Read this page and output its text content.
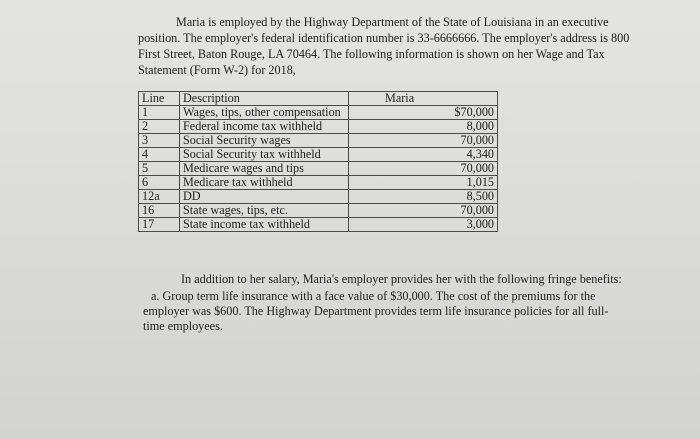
Maria is employed by the Highway Department of the State of Louisiana in an executive position. The employer's federal identification number is 33-6666666. The employer's address is 800 First Street, Baton Rouge, LA 70464. The following information is shown on her Wage and Tax Statement (Form W-2) for 2018,
Line	Description	Maria
1	Wages, tips, other compensation	$70,000
2	Federal income tax withheld	8,000
3	Social Security wages	70,000
4	Social Security tax withheld	4,340
5	Medicare wages and tips	70,000
6	Medicare tax withheld	1,015
12a	DD	8,500
16	State wages, tips, etc.	70,000
17	State income tax withheld	3,000

In addition to her salary, Maria's employer provides her with the following fringe benefits:

a. Group term life insurance with a face value of $30,000. The cost of the premiums for the employer was $600. The Highway Department provides term life insurance policies for all full-time employees.
